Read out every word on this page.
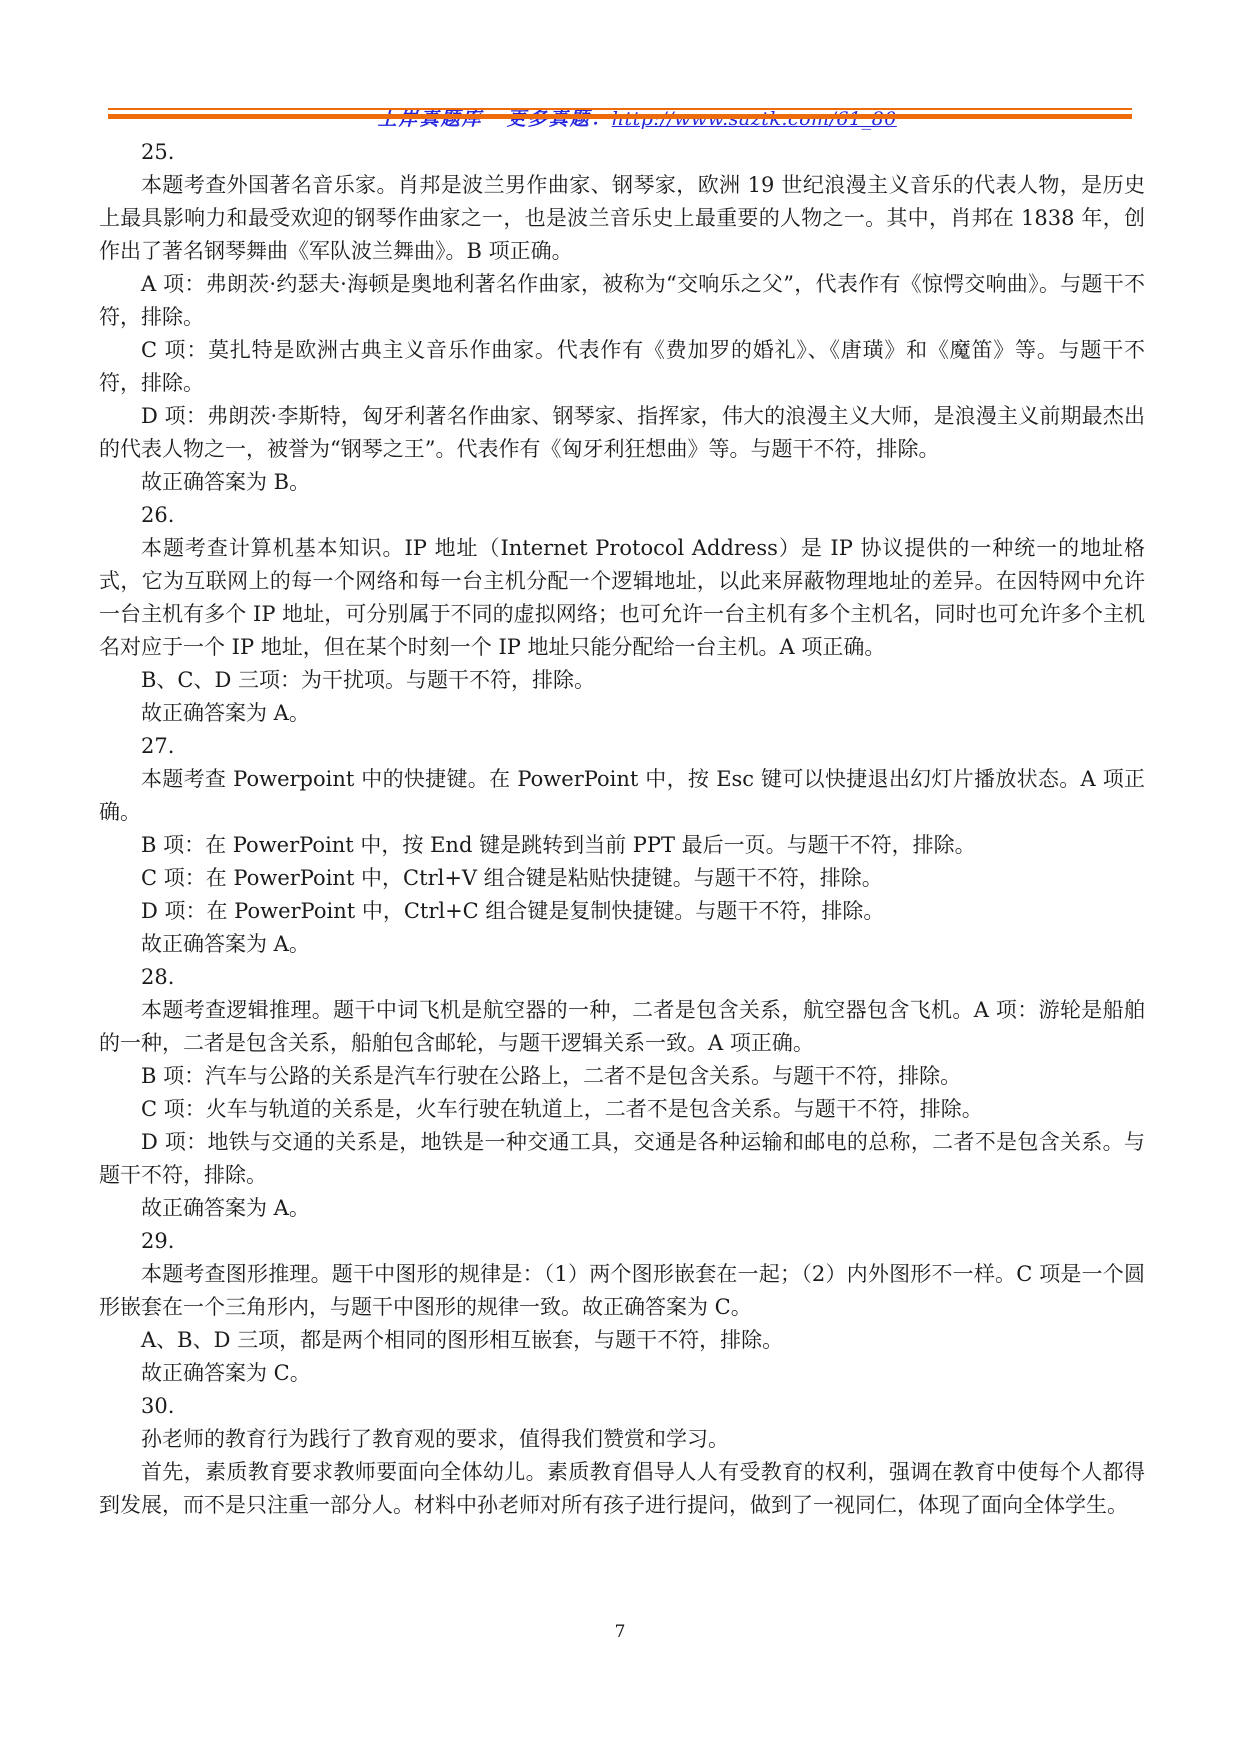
上岸真题库 更多真题：http://www.saztk.com/61_80

25.

本题考查外国著名音乐家。肖邦是波兰男作曲家、钢琴家，欧洲 19 世纪浪漫主义音乐的代表人物，是历史上最具影响力和最受欢迎的钢琴作曲家之一，也是波兰音乐史上最重要的人物之一。其中，肖邦在 1838 年，创作出了著名钢琴舞曲《军队波兰舞曲》。B 项正确。

A 项：弗朗茨·约瑟夫·海顿是奥地利著名作曲家，被称为“交响乐之父”，代表作有《惊愕交响曲》。与题干不符，排除。

C 项：莫扎特是欧洲古典主义音乐作曲家。代表作有《费加罗的婚礼》、《唐璜》和《魔笛》等。与题干不符，排除。

D 项：弗朗茨·李斯特，匈牙利著名作曲家、钢琴家、指挥家，伟大的浪漫主义大师，是浪漫主义前期最杰出的代表人物之一，被誉为“钢琴之王”。代表作有《匈牙利狂想曲》等。与题干不符，排除。

故正确答案为 B。

26.

本题考查计算机基本知识。IP 地址（Internet Protocol Address）是 IP 协议提供的一种统一的地址格式，它为互联网上的每一个网络和每一台主机分配一个逻辑地址，以此来屏蔽物理地址的差异。在因特网中允许一台主机有多个 IP 地址，可分别属于不同的虚拟网络；也可允许一台主机有多个主机名，同时也可允许多个主机名对应于一个 IP 地址，但在某个时刻一个 IP 地址只能分配给一台主机。A 项正确。

B、C、D 三项：为干扰项。与题干不符，排除。

故正确答案为 A。

27.

本题考查 Powerpoint 中的快捷键。在 PowerPoint 中，按 Esc 键可以快捷退出幻灯片播放状态。A 项正确。

B 项：在 PowerPoint 中，按 End 键是跳转到当前 PPT 最后一页。与题干不符，排除。

C 项：在 PowerPoint 中，Ctrl+V 组合键是粘贴快捷键。与题干不符，排除。

D 项：在 PowerPoint 中，Ctrl+C 组合键是复制快捷键。与题干不符，排除。

故正确答案为 A。

28.

本题考查逻辑推理。题干中词飞机是航空器的一种，二者是包含关系，航空器包含飞机。A 项：游轮是船舶的一种，二者是包含关系，船舶包含邮轮，与题干逻辑关系一致。A 项正确。

B 项：汽车与公路的关系是汽车行驶在公路上，二者不是包含关系。与题干不符，排除。

C 项：火车与轨道的关系是，火车行驶在轨道上，二者不是包含关系。与题干不符，排除。

D 项：地铁与交通的关系是，地铁是一种交通工具，交通是各种运输和邮电的总称，二者不是包含关系。与题干不符，排除。

故正确答案为 A。

29.

本题考查图形推理。题干中图形的规律是：（1）两个图形嵌套在一起；（2）内外图形不一样。C 项是一个圆形嵌套在一个三角形内，与题干中图形的规律一致。故正确答案为 C。

A、B、D 三项，都是两个相同的图形相互嵌套，与题干不符，排除。

故正确答案为 C。

30.

孙老师的教育行为践行了教育观的要求，值得我们赞赏和学习。

首先，素质教育要求教师要面向全体幼儿。素质教育倡导人人有受教育的权利，强调在教育中使每个人都得到发展，而不是只注重一部分人。材料中孙老师对所有孩子进行提问，做到了一视同仁，体现了面向全体学生。

7
